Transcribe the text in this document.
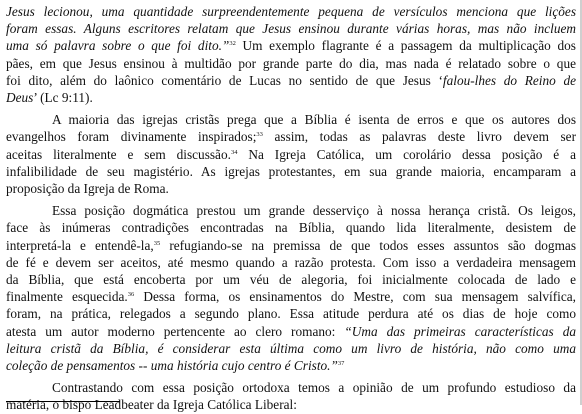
Jesus lecionou, uma quantidade surpreendentemente pequena de versículos menciona que lições
foram essas. Alguns escritores relatam que Jesus ensinou durante várias horas, mas não incluem
uma só palavra sobre o que foi dito.”$^{32}$ Um exemplo flagrante é a passagem da multiplicação dos
pães, em que Jesus ensinou à multidão por grande parte do dia, mas nada é relatado sobre o que
foi dito, além do laônico comentário de Lucas no sentido de que Jesus ‘falou-lhes do Reino de
Deus’ (Lc 9:11).
A maioria das igrejas cristãs prega que a Bíblia é isenta de erros e que os autores dos
evangelhos foram divinamente inspirados;$^{33}$ assim, todas as palavras deste livro devem ser
aceitas literalmente e sem discussão.$^{34}$ Na Igreja Católica, um corolário dessa posição é a
infalibilidade de seu magistério. As igrejas protestantes, em sua grande maioria, encamparam a
proposição da Igreja de Roma.
Essa posição dogmática prestou um grande desserviço à nossa herança cristã. Os leigos,
face às inúmeras contradições encontradas na Bíblia, quando lida literalmente, desistem de
interpretá-la e entendê-la,$^{35}$ refugiando-se na premissa de que todos esses assuntos são dogmas
de fé e devem ser aceitos, até mesmo quando a razão protesta. Com isso a verdadeira mensagem
da Bíblia, que está encoberta por um véu de alegoria, foi inicialmente colocada de lado e
finalmente esquecida.$^{36}$ Dessa forma, os ensinamentos do Mestre, com sua mensagem salvífica,
foram, na prática, relegados a segundo plano. Essa atitude perdura até os dias de hoje como
atesta um autor moderno pertencente ao clero romano: “Uma das primeiras características da
leitura cristã da Bíblia, é considerar esta última como um livro de história, não como uma
coleção de pensamentos -- uma história cujo centro é Cristo.”$^{37}$
Contrastando com essa posição ortodoxa temos a opinião de um profundo estudioso da
matéria, o bispo Leadbeater da Igreja Católica Liberal:
